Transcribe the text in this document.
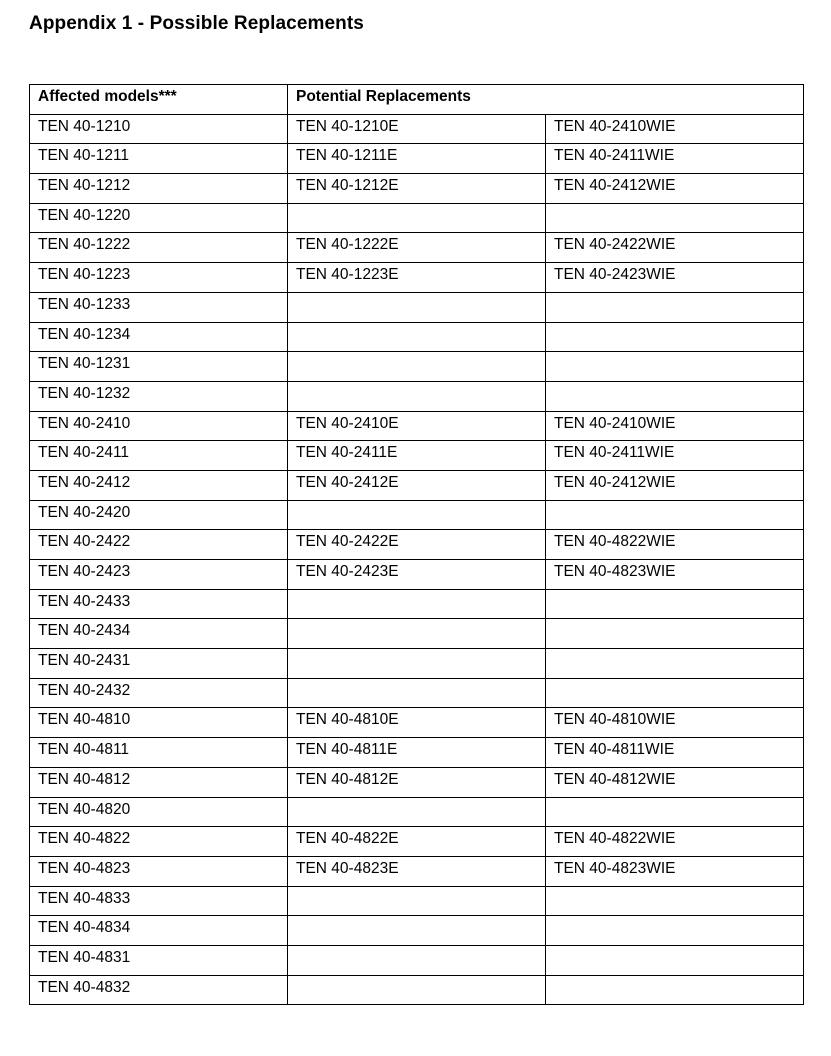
Appendix 1 - Possible Replacements
Affected models***	Potential Replacements	
TEN 40-1210	TEN 40-1210E	TEN 40-2410WIE
TEN 40-1211	TEN 40-1211E	TEN 40-2411WIE
TEN 40-1212	TEN 40-1212E	TEN 40-2412WIE
TEN 40-1220		
TEN 40-1222	TEN 40-1222E	TEN 40-2422WIE
TEN 40-1223	TEN 40-1223E	TEN 40-2423WIE
TEN 40-1233		
TEN 40-1234		
TEN 40-1231		
TEN 40-1232		
TEN 40-2410	TEN 40-2410E	TEN 40-2410WIE
TEN 40-2411	TEN 40-2411E	TEN 40-2411WIE
TEN 40-2412	TEN 40-2412E	TEN 40-2412WIE
TEN 40-2420		
TEN 40-2422	TEN 40-2422E	TEN 40-4822WIE
TEN 40-2423	TEN 40-2423E	TEN 40-4823WIE
TEN 40-2433		
TEN 40-2434		
TEN 40-2431		
TEN 40-2432		
TEN 40-4810	TEN 40-4810E	TEN 40-4810WIE
TEN 40-4811	TEN 40-4811E	TEN 40-4811WIE
TEN 40-4812	TEN 40-4812E	TEN 40-4812WIE
TEN 40-4820		
TEN 40-4822	TEN 40-4822E	TEN 40-4822WIE
TEN 40-4823	TEN 40-4823E	TEN 40-4823WIE
TEN 40-4833		
TEN 40-4834		
TEN 40-4831		
TEN 40-4832		
